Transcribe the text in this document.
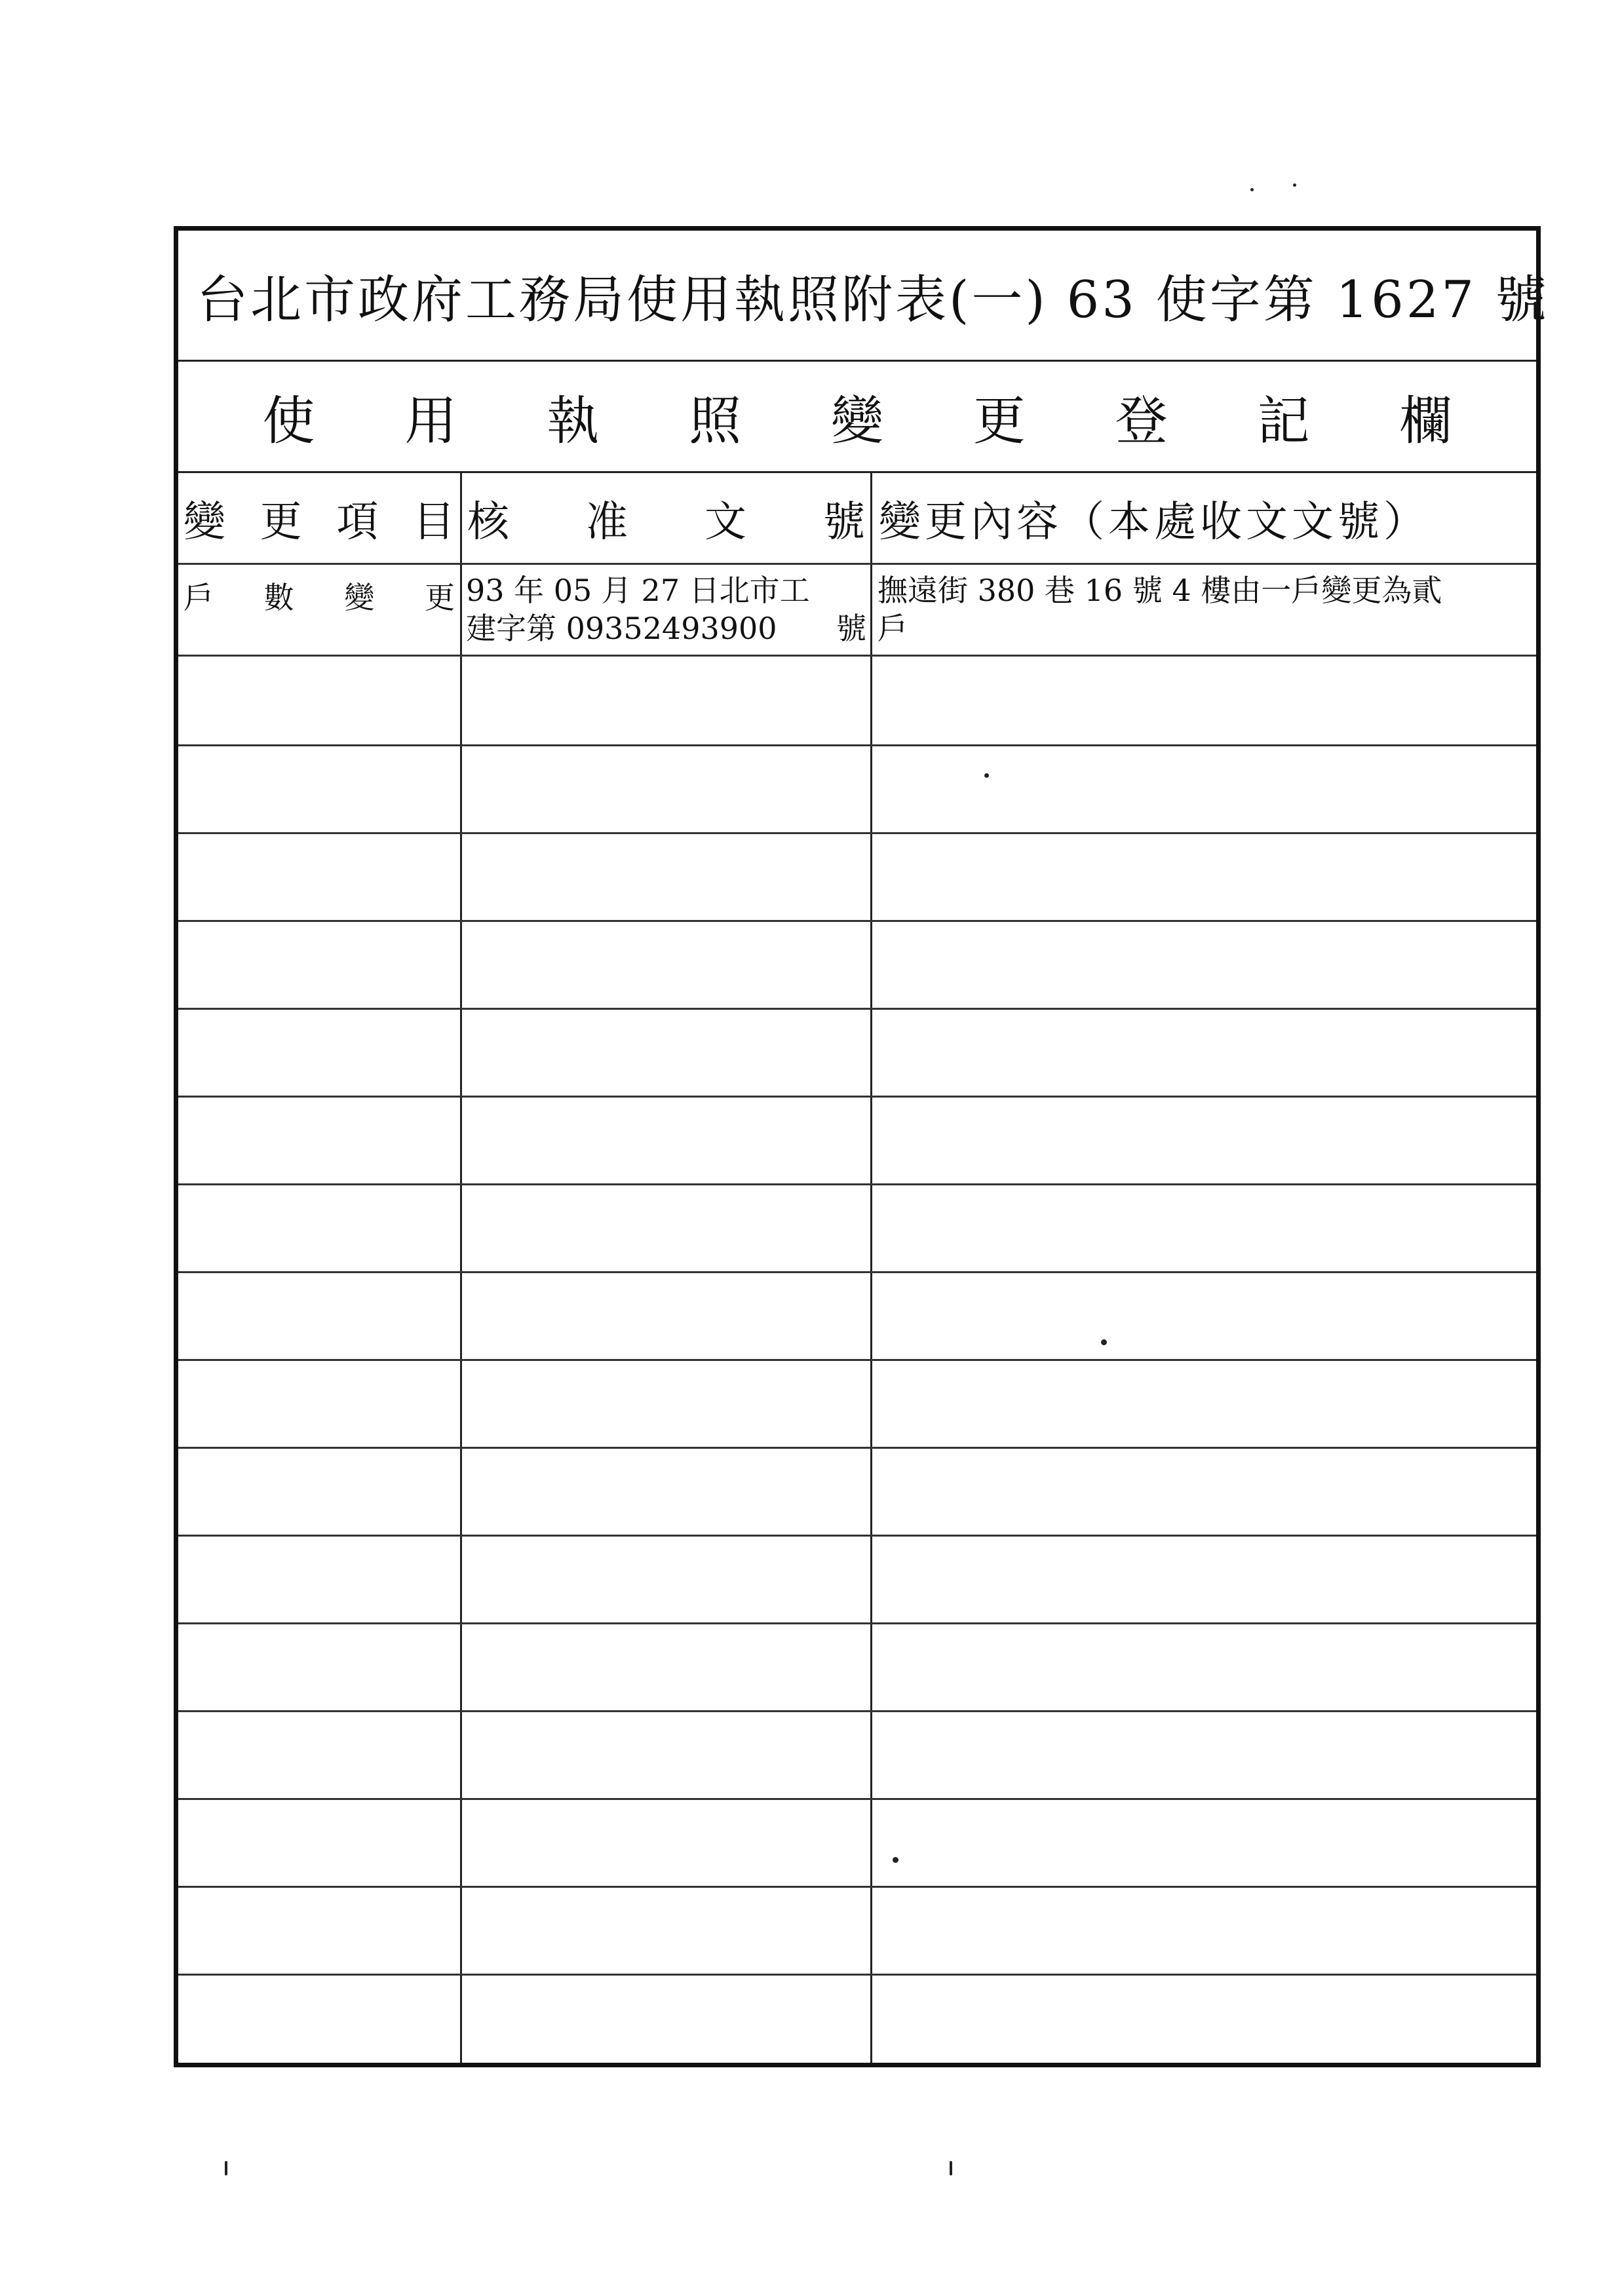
台北市政府工務局使用執照附表(一) 63 使字第 1627 號
使 用 執 照 變 更 登 記 欄
變 更 項 目 核 准 文 號 變更內容（本處收文文號）
戶 數 變 更 93 年 05 月 27 日北市工
建字第 09352493900 號
撫遠街 380 巷 16 號 4 樓由一戶變更為貳
戶
